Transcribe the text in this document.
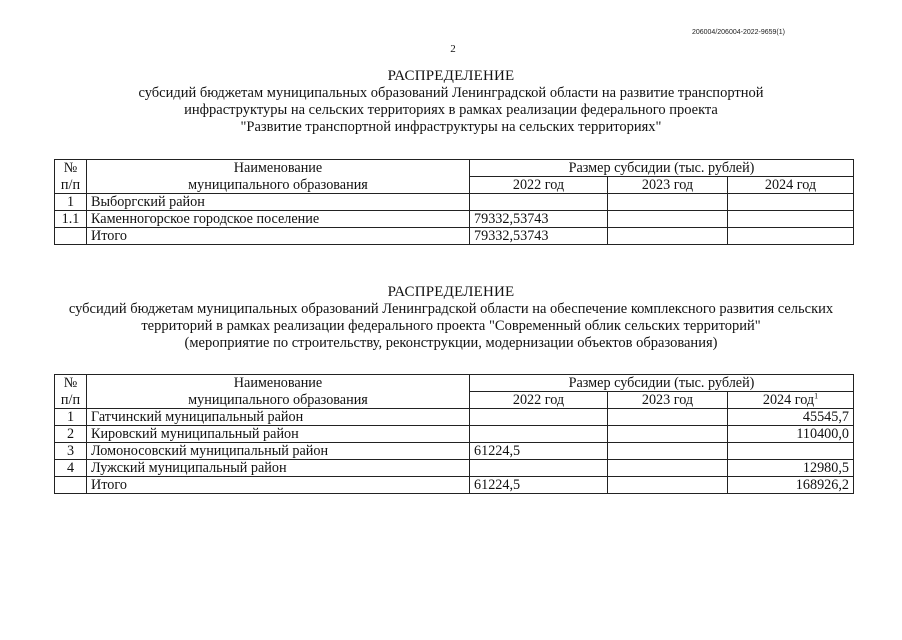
206004/206004-2022-9659(1)
2
РАСПРЕДЕЛЕНИЕ
субсидий бюджетам муниципальных образований Ленинградской области на развитие транспортной
инфраструктуры на сельских территориях в рамках реализации федерального проекта
"Развитие транспортной инфраструктуры на сельских территориях"
№	Наименование	Размер субсидии (тыс. рублей)		
п/п	муниципального образования	2022 год	2023 год	2024 год
1	Выборгский район			
1.1	Каменногорское городское поселение	79332,53743		
	Итого	79332,53743		
РАСПРЕДЕЛЕНИЕ
субсидий бюджетам муниципальных образований Ленинградской области на обеспечение комплексного развития сельских
территорий в рамках реализации федерального проекта "Современный облик сельских территорий"
(мероприятие по строительству, реконструкции, модернизации объектов образования)
№	Наименование	Размер субсидии (тыс. рублей)		
п/п	муниципального образования	2022 год	2023 год	2024 год$^1$
1	Гатчинский муниципальный район			45545,7
2	Кировский муниципальный район			110400,0
3	Ломоносовский муниципальный район	61224,5		
4	Лужский муниципальный район			12980,5
	Итого	61224,5		168926,2
